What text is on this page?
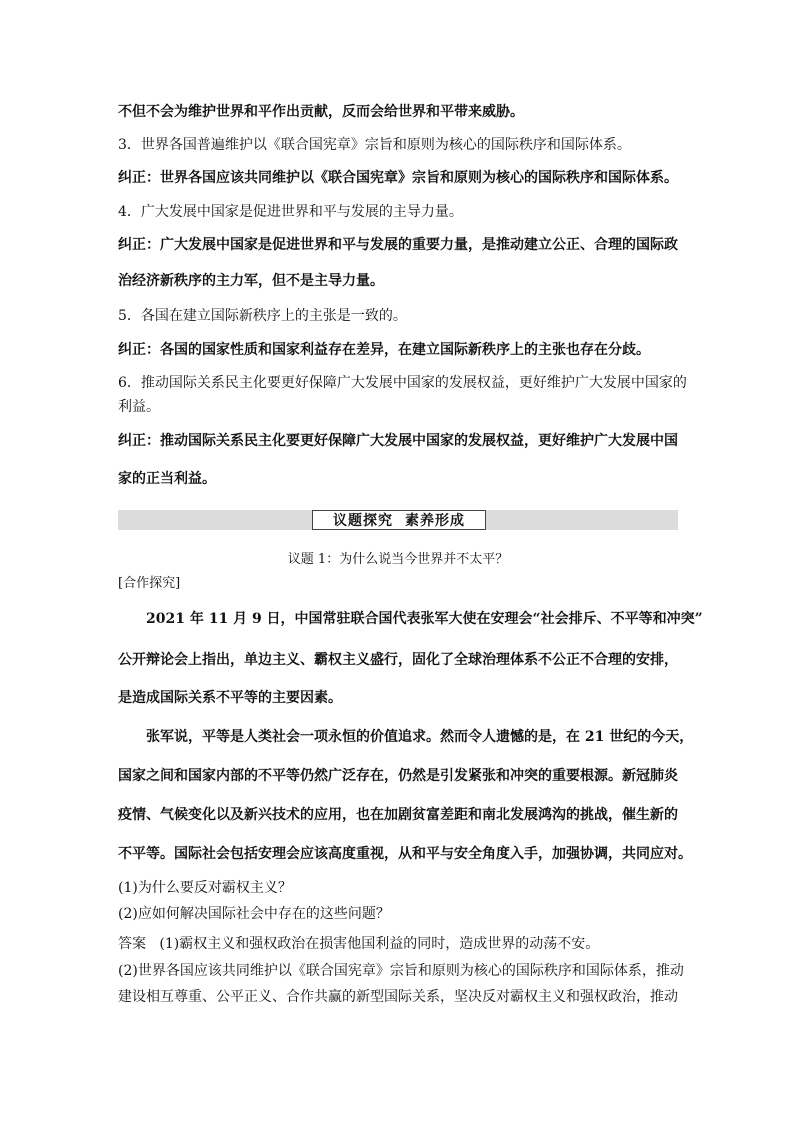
不但不会为维护世界和平作出贡献，反而会给世界和平带来威胁。
3．世界各国普遍维护以《联合国宪章》宗旨和原则为核心的国际秩序和国际体系。
纠正：世界各国应该共同维护以《联合国宪章》宗旨和原则为核心的国际秩序和国际体系。
4．广大发展中国家是促进世界和平与发展的主导力量。
纠正：广大发展中国家是促进世界和平与发展的重要力量，是推动建立公正、合理的国际政
治经济新秩序的主力军，但不是主导力量。
5．各国在建立国际新秩序上的主张是一致的。
纠正：各国的国家性质和国家利益存在差异，在建立国际新秩序上的主张也存在分歧。
6．推动国际关系民主化要更好保障广大发展中国家的发展权益，更好维护广大发展中国家的
利益。
纠正：推动国际关系民主化要更好保障广大发展中国家的发展权益，更好维护广大发展中国
家的正当利益。
议题探究 素养形成
议题 1：为什么说当今世界并不太平？
[合作探究]
2021 年 11 月 9 日，中国常驻联合国代表张军大使在安理会“社会排斥、不平等和冲突”
公开辩论会上指出，单边主义、霸权主义盛行，固化了全球治理体系不公正不合理的安排，
是造成国际关系不平等的主要因素。
张军说，平等是人类社会一项永恒的价值追求。然而令人遗憾的是，在 21 世纪的今天，
国家之间和国家内部的不平等仍然广泛存在，仍然是引发紧张和冲突的重要根源。新冠肺炎
疫情、气候变化以及新兴技术的应用，也在加剧贫富差距和南北发展鸿沟的挑战，催生新的
不平等。国际社会包括安理会应该高度重视，从和平与安全角度入手，加强协调，共同应对。
(1)为什么要反对霸权主义？
(2)应如何解决国际社会中存在的这些问题？
答案 (1)霸权主义和强权政治在损害他国利益的同时，造成世界的动荡不安。
(2)世界各国应该共同维护以《联合国宪章》宗旨和原则为核心的国际秩序和国际体系，推动
建设相互尊重、公平正义、合作共赢的新型国际关系，坚决反对霸权主义和强权政治，推动
